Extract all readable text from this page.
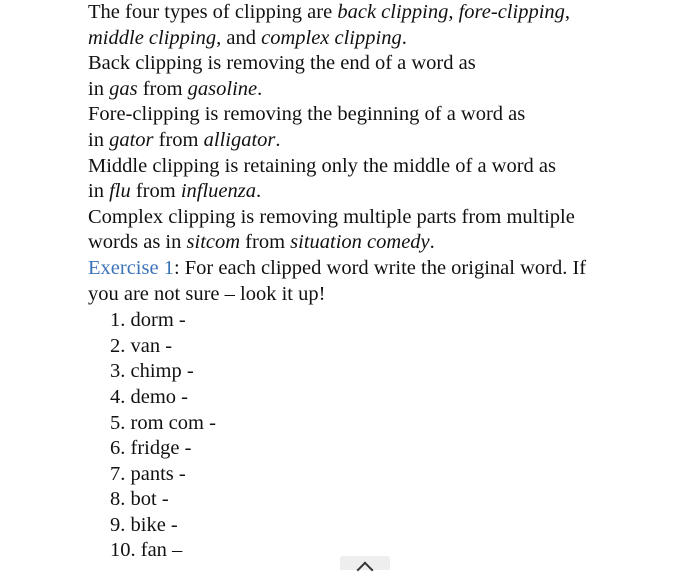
The four types of clipping are back clipping, fore-clipping,
middle clipping, and complex clipping.
Back clipping is removing the end of a word as
in gas from gasoline.
Fore-clipping is removing the beginning of a word as
in gator from alligator.
Middle clipping is retaining only the middle of a word as
in flu from influenza.
Complex clipping is removing multiple parts from multiple
words as in sitcom from situation comedy.
Exercise 1: For each clipped word write the original word. If
you are not sure – look it up!
1. dorm -
2. van -
3. chimp -
4. demo -
5. rom com -
6. fridge -
7. pants -
8. bot -
9. bike -
10. fan –
